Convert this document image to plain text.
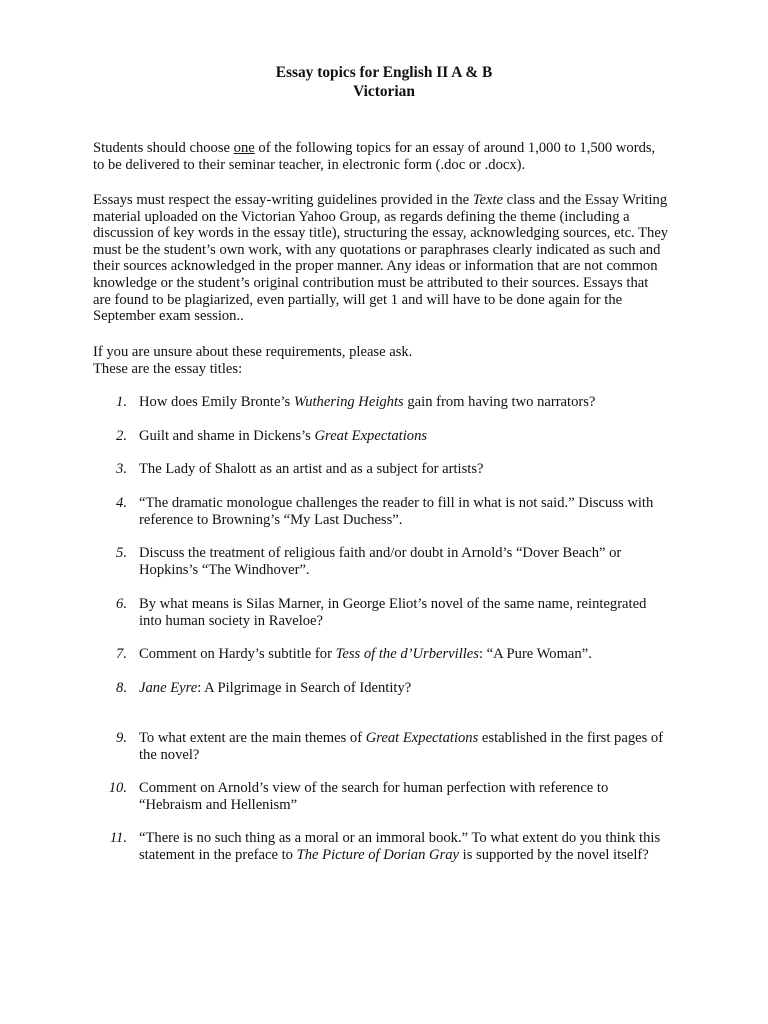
Essay topics for English II A & B
Victorian

Students should choose one of the following topics for an essay of around 1,000 to 1,500 words,
to be delivered to their seminar teacher, in electronic form (.doc or .docx).

Essays must respect the essay-writing guidelines provided in the Texte class and the Essay Writing
material uploaded on the Victorian Yahoo Group, as regards defining the theme (including a
discussion of key words in the essay title), structuring the essay, acknowledging sources, etc. They
must be the student’s own work, with any quotations or paraphrases clearly indicated as such and
their sources acknowledged in the proper manner. Any ideas or information that are not common
knowledge or the student’s original contribution must be attributed to their sources. Essays that
are found to be plagiarized, even partially, will get 1 and will have to be done again for the
September exam session..

If you are unsure about these requirements, please ask.
These are the essay titles:

1. How does Emily Bronte’s Wuthering Heights gain from having two narrators?
2. Guilt and shame in Dickens’s Great Expectations
3. The Lady of Shalott as an artist and as a subject for artists?
4. “The dramatic monologue challenges the reader to fill in what is not said.” Discuss with
reference to Browning’s “My Last Duchess”.
5. Discuss the treatment of religious faith and/or doubt in Arnold’s “Dover Beach” or
Hopkins’s “The Windhover”.
6. By what means is Silas Marner, in George Eliot’s novel of the same name, reintegrated
into human society in Raveloe?
7. Comment on Hardy’s subtitle for Tess of the d’Urbervilles: “A Pure Woman”.
8. Jane Eyre: A Pilgrimage in Search of Identity?
9. To what extent are the main themes of Great Expectations established in the first pages of
the novel?
10. Comment on Arnold’s view of the search for human perfection with reference to
“Hebraism and Hellenism”
11. “There is no such thing as a moral or an immoral book.” To what extent do you think this
statement in the preface to The Picture of Dorian Gray is supported by the novel itself?
